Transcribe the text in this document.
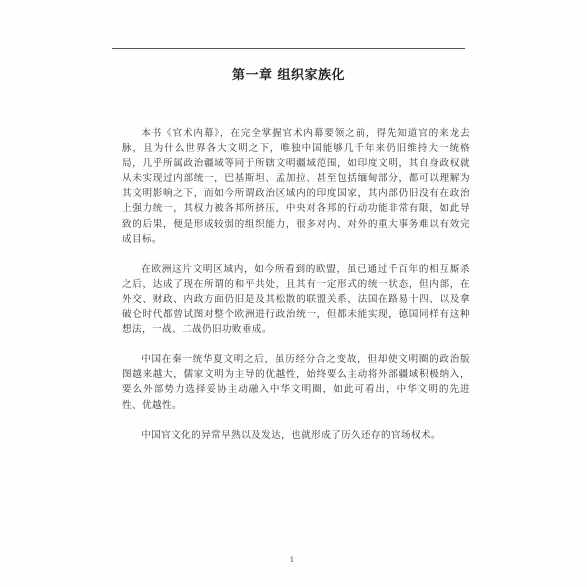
第一章 组织家族化

本书《官术内幕》，在完全掌握官术内幕要领之前，得先知道官的来龙去脉，且为什么世界各大文明之下，唯独中国能够几千年来仍旧维持大一统格局，几乎所属政治疆域等同于所辖文明疆域范围，如印度文明，其自身政权就从未实现过内部统一，巴基斯坦、孟加拉、甚至包括缅甸部分，都可以理解为其文明影响之下，而如今所谓政治区域内的印度国家，其内部仍旧没有在政治上强力统一，其权力被各邦所挤压，中央对各邦的行动功能非常有限，如此导致的后果，便是形成较弱的组织能力，很多对内、对外的重大事务难以有效完成目标。

在欧洲这片文明区域内，如今所看到的欧盟，虽已通过千百年的相互厮杀之后，达成了现在所谓的和平共处，且其有一定形式的统一状态，但内部，在外交、财政、内政方面仍旧是及其松散的联盟关系，法国在路易十四、以及拿破仑时代都曾试图对整个欧洲进行政治统一，但都未能实现，德国同样有这种想法，一战、二战仍旧功败垂成。

中国在秦一统华夏文明之后，虽历经分合之变故，但却使文明圈的政治版图越来越大，儒家文明为主导的优越性，始终要么主动将外部疆域积极纳入，要么外部势力选择妥协主动融入中华文明圈，如此可看出，中华文明的先进性、优越性。

中国官文化的异常早熟以及发达，也就形成了历久还存的官场权术。

1
